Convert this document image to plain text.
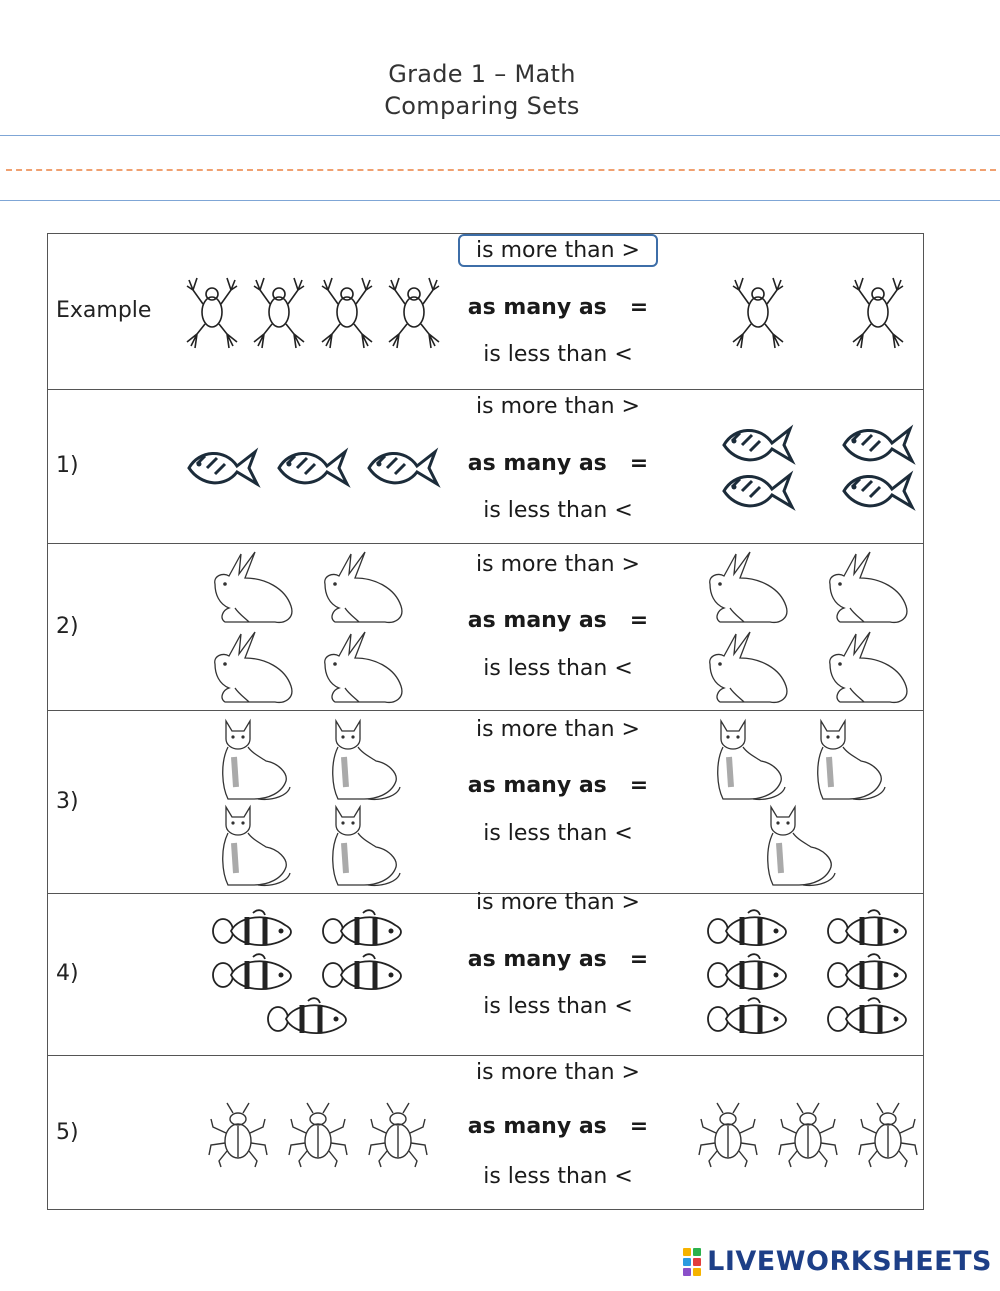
Grade 1 – Math
Comparing Sets
Example
is more than >
as many as   =
is less than <
1)
is more than >
as many as   =
is less than <
2)
is more than >
as many as   =
is less than <
3)
is more than >
as many as   =
is less than <
4)
is more than >
as many as   =
is less than <
5)
is more than >
as many as   =
is less than <
LIVEWORKSHEETS
